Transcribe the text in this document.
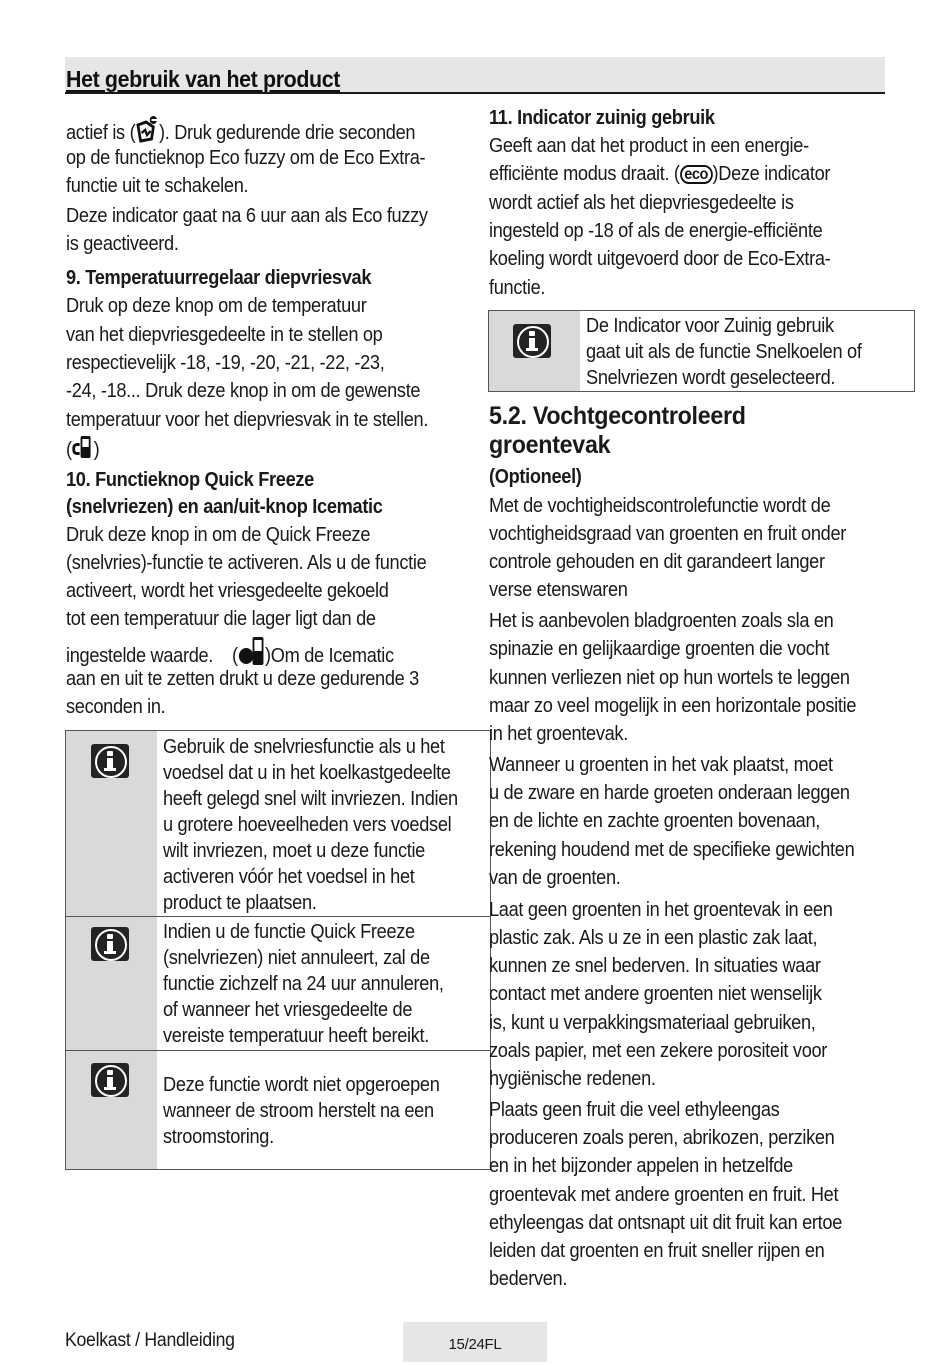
Het gebruik van het product
actief is ( ). Druk gedurende drie seconden
op de functieknop Eco fuzzy om de Eco Extra-
functie uit te schakelen.
Deze indicator gaat na 6 uur aan als Eco fuzzy
is geactiveerd.
9. Temperatuurregelaar diepvriesvak
Druk op deze knop om de temperatuur
van het diepvriesgedeelte in te stellen op
respectievelijk -18, -19, -20, -21, -22, -23,
-24, -18... Druk deze knop in om de gewenste
temperatuur voor het diepvriesvak in te stellen.
( )
10. Functieknop Quick Freeze
(snelvriezen) en aan/uit-knop Icematic
Druk deze knop in om de Quick Freeze
(snelvries)-functie te activeren. Als u de functie
activeert, wordt het vriesgedeelte gekoeld
tot een temperatuur die lager ligt dan de
ingestelde waarde. ( )Om de Icematic
aan en uit te zetten drukt u deze gedurende 3
seconden in.
Gebruik de snelvriesfunctie als u het
voedsel dat u in het koelkastgedeelte
heeft gelegd snel wilt invriezen. Indien
u grotere hoeveelheden vers voedsel
wilt invriezen, moet u deze functie
activeren vóór het voedsel in het
product te plaatsen.
Indien u de functie Quick Freeze
(snelvriezen) niet annuleert, zal de
functie zichzelf na 24 uur annuleren,
of wanneer het vriesgedeelte de
vereiste temperatuur heeft bereikt.
Deze functie wordt niet opgeroepen
wanneer de stroom herstelt na een
stroomstoring.
11. Indicator zuinig gebruik
Geeft aan dat het product in een energie-
efficiënte modus draait. ( eco )Deze indicator
wordt actief als het diepvriesgedeelte is
ingesteld op -18 of als de energie-efficiënte
koeling wordt uitgevoerd door de Eco-Extra-
functie.
De Indicator voor Zuinig gebruik
gaat uit als de functie Snelkoelen of
Snelvriezen wordt geselecteerd.
5.2. Vochtgecontroleerd
groentevak
(Optioneel)
Met de vochtigheidscontrolefunctie wordt de
vochtigheidsgraad van groenten en fruit onder
controle gehouden en dit garandeert langer
verse etenswaren
Het is aanbevolen bladgroenten zoals sla en
spinazie en gelijkaardige groenten die vocht
kunnen verliezen niet op hun wortels te leggen
maar zo veel mogelijk in een horizontale positie
in het groentevak.
Wanneer u groenten in het vak plaatst, moet
u de zware en harde groeten onderaan leggen
en de lichte en zachte groenten bovenaan,
rekening houdend met de specifieke gewichten
van de groenten.
Laat geen groenten in het groentevak in een
plastic zak. Als u ze in een plastic zak laat,
kunnen ze snel bederven. In situaties waar
contact met andere groenten niet wenselijk
is, kunt u verpakkingsmateriaal gebruiken,
zoals papier, met een zekere porositeit voor
hygiënische redenen.
Plaats geen fruit die veel ethyleengas
produceren zoals peren, abrikozen, perziken
en in het bijzonder appelen in hetzelfde
groentevak met andere groenten en fruit. Het
ethyleengas dat ontsnapt uit dit fruit kan ertoe
leiden dat groenten en fruit sneller rijpen en
bederven.
Koelkast / Handleiding	15/24FL
